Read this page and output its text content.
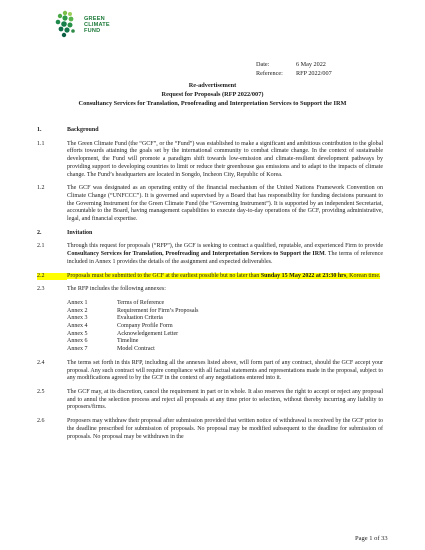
GREEN
CLIMATE
FUND
Date:	6 May 2022
Reference:	RFP 2022/007
Re-advertisement
Request for Proposals (RFP 2022/007)
Consultancy Services for Translation, Proofreading and Interpretation Services to Support the IRM
1.	Background
1.1	The Green Climate Fund (the “GCF”, or the “Fund”) was established to make a significant and ambitious contribution to the global efforts towards attaining the goals set by the international community to combat climate change. In the context of sustainable development, the Fund will promote a paradigm shift towards low-emission and climate-resilient development pathways by providing support to developing countries to limit or reduce their greenhouse gas emissions and to adapt to the impacts of climate change. The Fund’s headquarters are located in Songdo, Incheon City, Republic of Korea.
1.2	The GCF was designated as an operating entity of the financial mechanism of the United Nations Framework Convention on Climate Change (“UNFCCC”). It is governed and supervised by a Board that has responsibility for funding decisions pursuant to the Governing Instrument for the Green Climate Fund (the “Governing Instrument”). It is supported by an independent Secretariat, accountable to the Board, having management capabilities to execute day-to-day operations of the GCF, providing administrative, legal, and financial expertise.
2.	Invitation
2.1	Through this request for proposals (“RFP”), the GCF is seeking to contract a qualified, reputable, and experienced Firm to provide Consultancy Services for Translation, Proofreading and Interpretation Services to Support the IRM. The terms of reference included in Annex 1 provides the details of the assignment and expected deliverables.
2.2	Proposals must be submitted to the GCF at the earliest possible but no later than Sunday 15 May 2022 at 23:30 hrs, Korean time.
2.3	The RFP includes the following annexes:
Annex 1	Terms of Reference
Annex 2	Requirement for Firm’s Proposals
Annex 3	Evaluation Criteria
Annex 4	Company Profile Form
Annex 5	Acknowledgement Letter
Annex 6	Timeline
Annex 7	Model Contract
2.4	The terms set forth in this RFP, including all the annexes listed above, will form part of any contract, should the GCF accept your proposal. Any such contract will require compliance with all factual statements and representations made in the proposal, subject to any modifications agreed to by the GCF in the context of any negotiations entered into it.
2.5	The GCF may, at its discretion, cancel the requirement in part or in whole. It also reserves the right to accept or reject any proposal and to annul the selection process and reject all proposals at any time prior to selection, without thereby incurring any liability to proposers/firms.
2.6	Proposers may withdraw their proposal after submission provided that written notice of withdrawal is received by the GCF prior to the deadline prescribed for submission of proposals. No proposal may be modified subsequent to the deadline for submission of proposals. No proposal may be withdrawn in the
Page 1 of 33
